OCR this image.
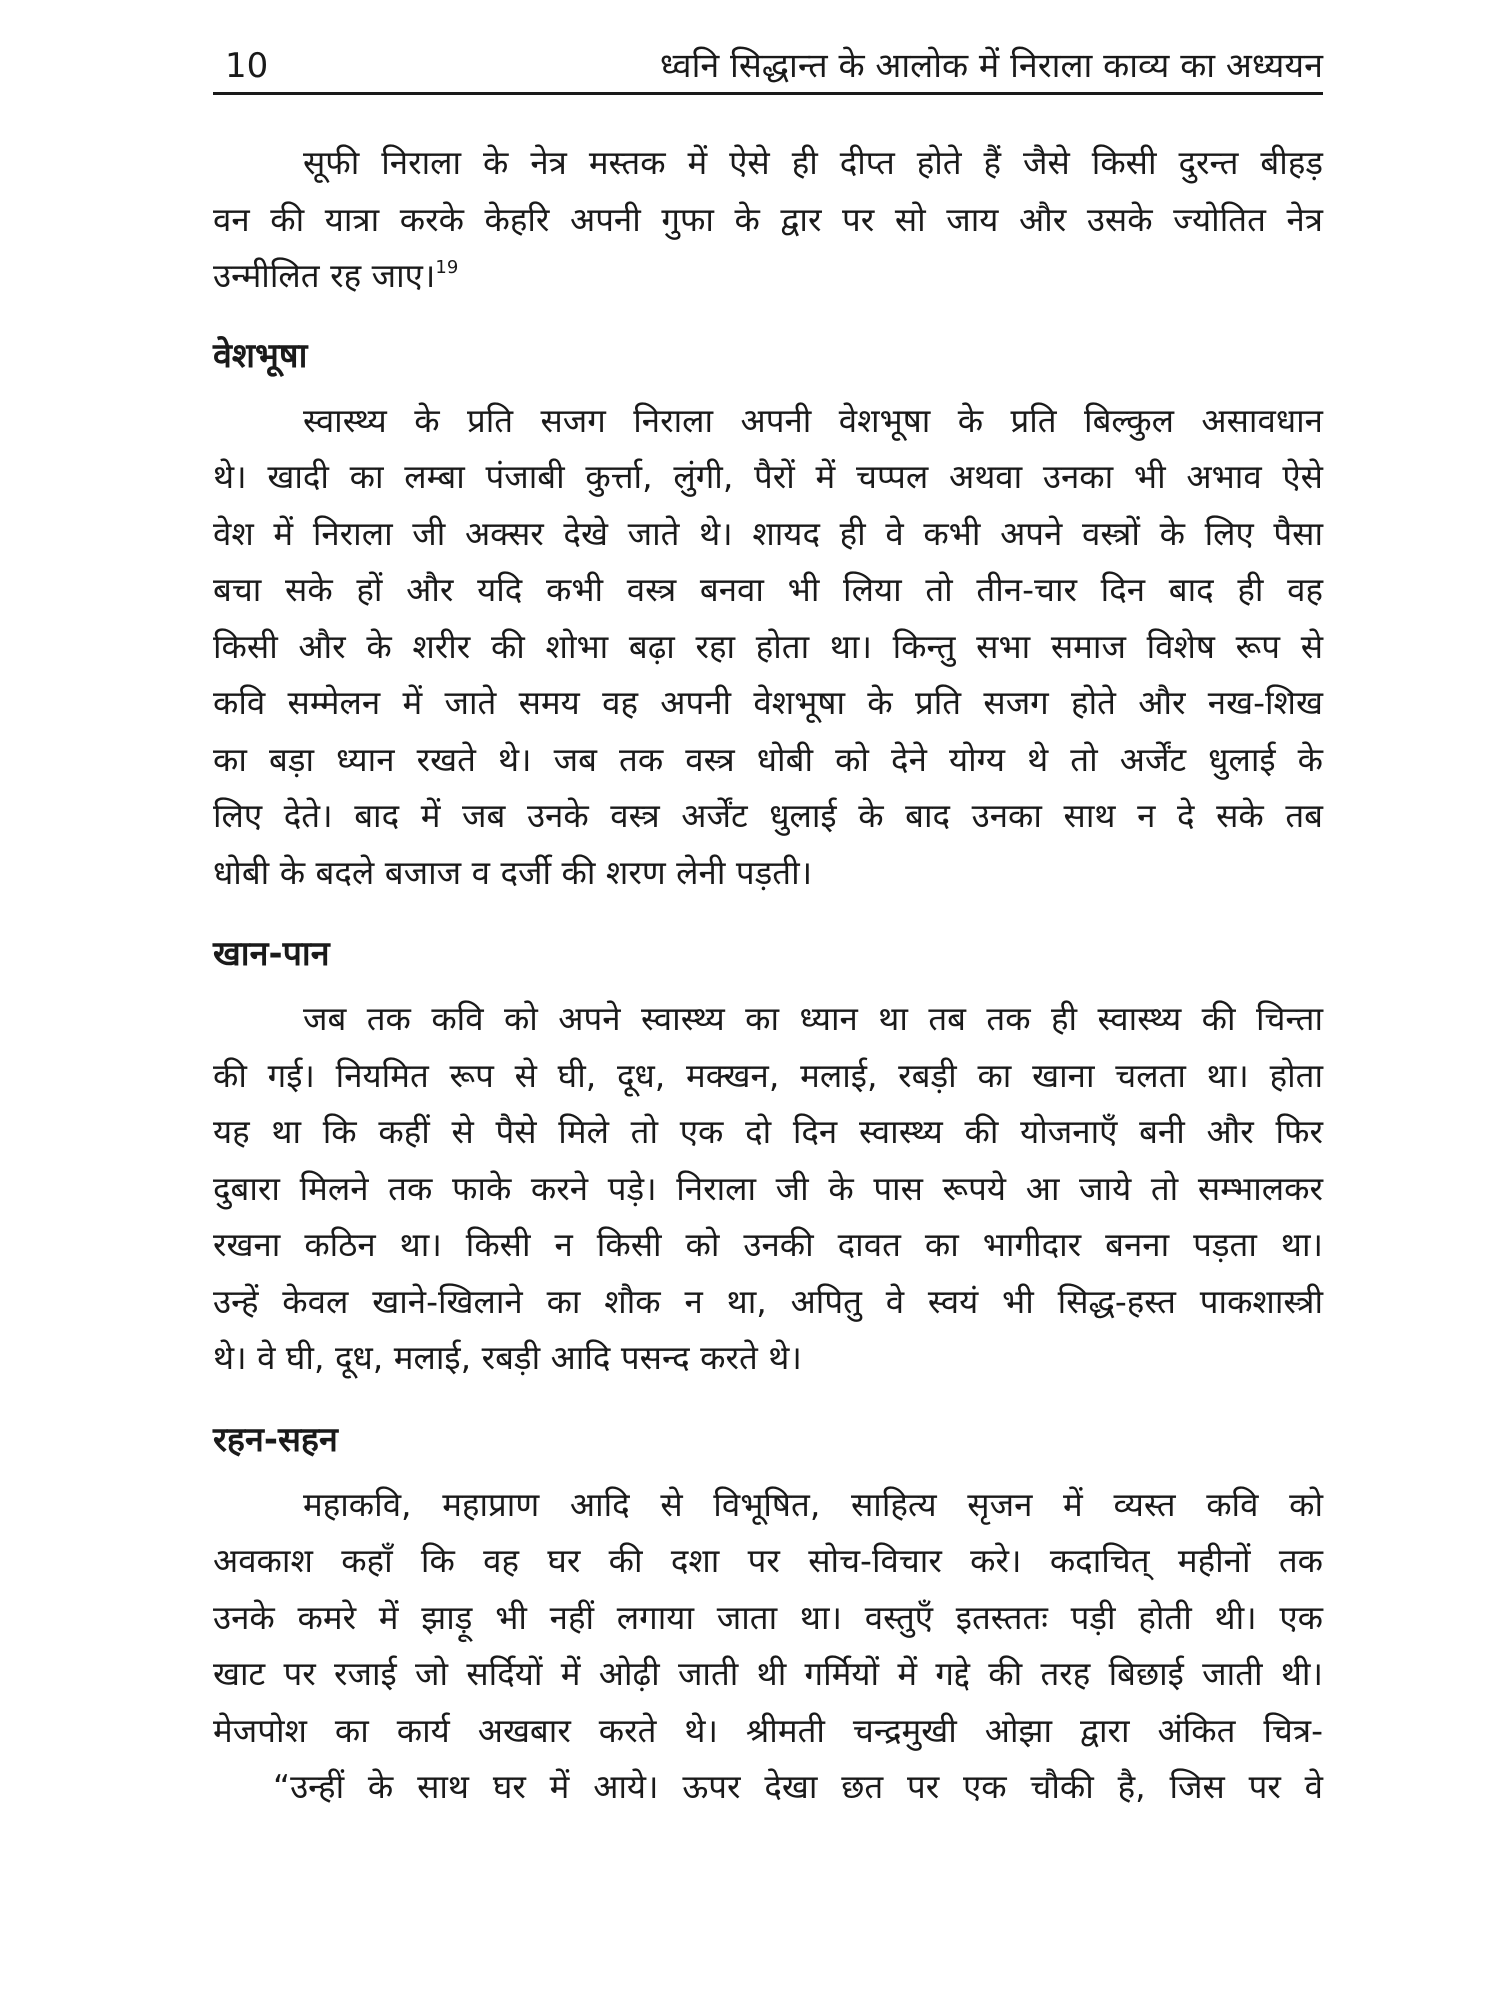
10	ध्वनि सिद्धान्त के आलोक में निराला काव्य का अध्ययन

सूफी निराला के नेत्र मस्तक में ऐसे ही दीप्त होते हैं जैसे किसी दुरन्त बीहड़
वन की यात्रा करके केहरि अपनी गुफा के द्वार पर सो जाय और उसके ज्योतित नेत्र
उन्मीलित रह जाए।$^{19}$

वेशभूषा

स्वास्थ्य के प्रति सजग निराला अपनी वेशभूषा के प्रति बिल्कुल असावधान
थे। खादी का लम्बा पंजाबी कुर्त्ता, लुंगी, पैरों में चप्पल अथवा उनका भी अभाव ऐसे
वेश में निराला जी अक्सर देखे जाते थे। शायद ही वे कभी अपने वस्त्रों के लिए पैसा
बचा सके हों और यदि कभी वस्त्र बनवा भी लिया तो तीन-चार दिन बाद ही वह
किसी और के शरीर की शोभा बढ़ा रहा होता था। किन्तु सभा समाज विशेष रूप से
कवि सम्मेलन में जाते समय वह अपनी वेशभूषा के प्रति सजग होते और नख-शिख
का बड़ा ध्यान रखते थे। जब तक वस्त्र धोबी को देने योग्य थे तो अर्जेंट धुलाई के
लिए देते। बाद में जब उनके वस्त्र अर्जेंट धुलाई के बाद उनका साथ न दे सके तब
धोबी के बदले बजाज व दर्जी की शरण लेनी पड़ती।

खान-पान

जब तक कवि को अपने स्वास्थ्य का ध्यान था तब तक ही स्वास्थ्य की चिन्ता
की गई। नियमित रूप से घी, दूध, मक्खन, मलाई, रबड़ी का खाना चलता था। होता
यह था कि कहीं से पैसे मिले तो एक दो दिन स्वास्थ्य की योजनाएँ बनी और फिर
दुबारा मिलने तक फाके करने पड़े। निराला जी के पास रूपये आ जाये तो सम्भालकर
रखना कठिन था। किसी न किसी को उनकी दावत का भागीदार बनना पड़ता था।
उन्हें केवल खाने-खिलाने का शौक न था, अपितु वे स्वयं भी सिद्ध-हस्त पाकशास्त्री
थे। वे घी, दूध, मलाई, रबड़ी आदि पसन्द करते थे।

रहन-सहन

महाकवि, महाप्राण आदि से विभूषित, साहित्य सृजन में व्यस्त कवि को
अवकाश कहाँ कि वह घर की दशा पर सोच-विचार करे। कदाचित् महीनों तक
उनके कमरे में झाड़ू भी नहीं लगाया जाता था। वस्तुएँ इतस्ततः पड़ी होती थी। एक
खाट पर रजाई जो सर्दियों में ओढ़ी जाती थी गर्मियों में गद्दे की तरह बिछाई जाती थी।
मेजपोश का कार्य अखबार करते थे। श्रीमती चन्द्रमुखी ओझा द्वारा अंकित चित्र-

“उन्हीं के साथ घर में आये। ऊपर देखा छत पर एक चौकी है, जिस पर वे
